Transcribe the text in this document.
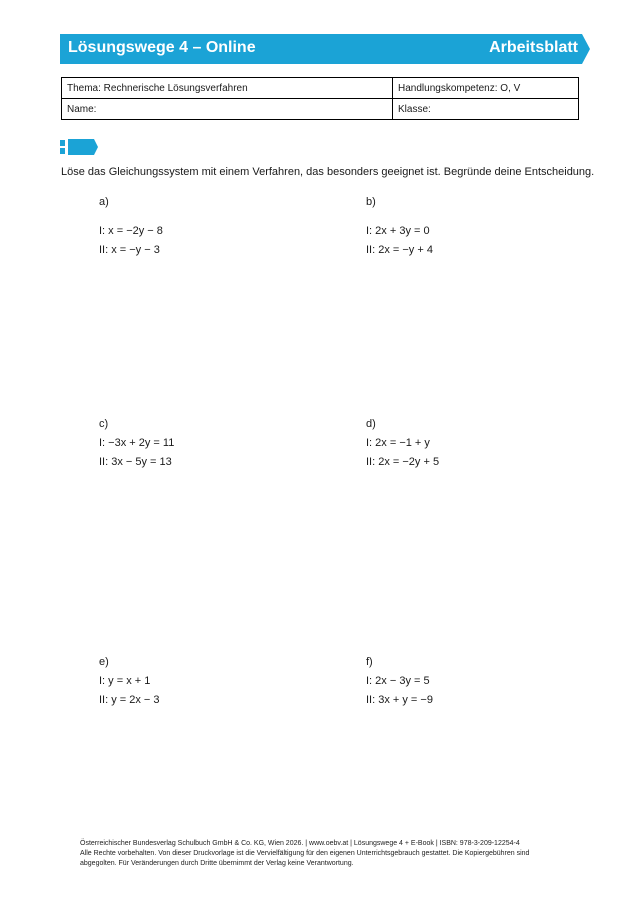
Lösungswege 4 – Online	Arbeitsblatt
Thema: Rechnerische Lösungsverfahren	Handlungskompetenz: O, V
Name:	Klasse:
Löse das Gleichungssystem mit einem Verfahren, das besonders geeignet ist. Begründe deine Entscheidung.
a)
I: x = −2y − 8
II: x = −y − 3
b)
I: 2x + 3y = 0
II: 2x = −y + 4
c)
I: −3x + 2y = 11
II: 3x − 5y = 13
d)
I: 2x = −1 + y
II: 2x = −2y + 5
e)
I: y = x + 1
II: y = 2x − 3
f)
I: 2x − 3y = 5
II: 3x + y = −9
Österreichischer Bundesverlag Schulbuch GmbH & Co. KG, Wien 2026. | www.oebv.at | Lösungswege 4 + E-Book | ISBN: 978-3-209-12254-4
Alle Rechte vorbehalten. Von dieser Druckvorlage ist die Vervielfältigung für den eigenen Unterrichtsgebrauch gestattet. Die Kopiergebühren sind
abgegolten. Für Veränderungen durch Dritte übernimmt der Verlag keine Verantwortung.
